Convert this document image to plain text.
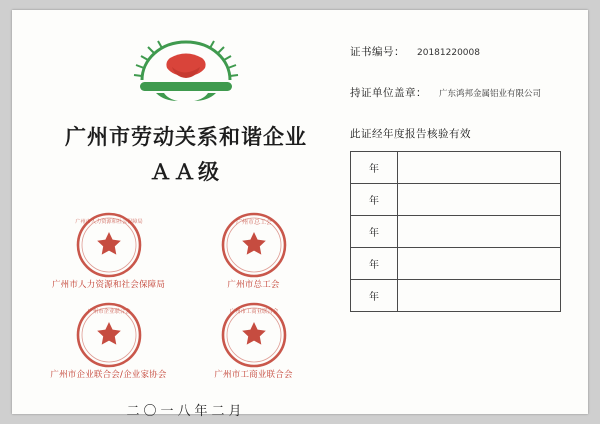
广州市劳动关系和谐企业
ＡＡ级
广州市人力资源和社会保障局
广州市人力资源和社会保障局
广州市总工会
广州市总工会
广州市企业联合会
广州市企业联合会/企业家协会
广州市工商业联合会
广州市工商业联合会
二〇一八年二月
证书编号： 20181220008
持证单位盖章： 广东鸿邦金属铝业有限公司
此证经年度报告核验有效
年	
年	
年	
年	
年	
